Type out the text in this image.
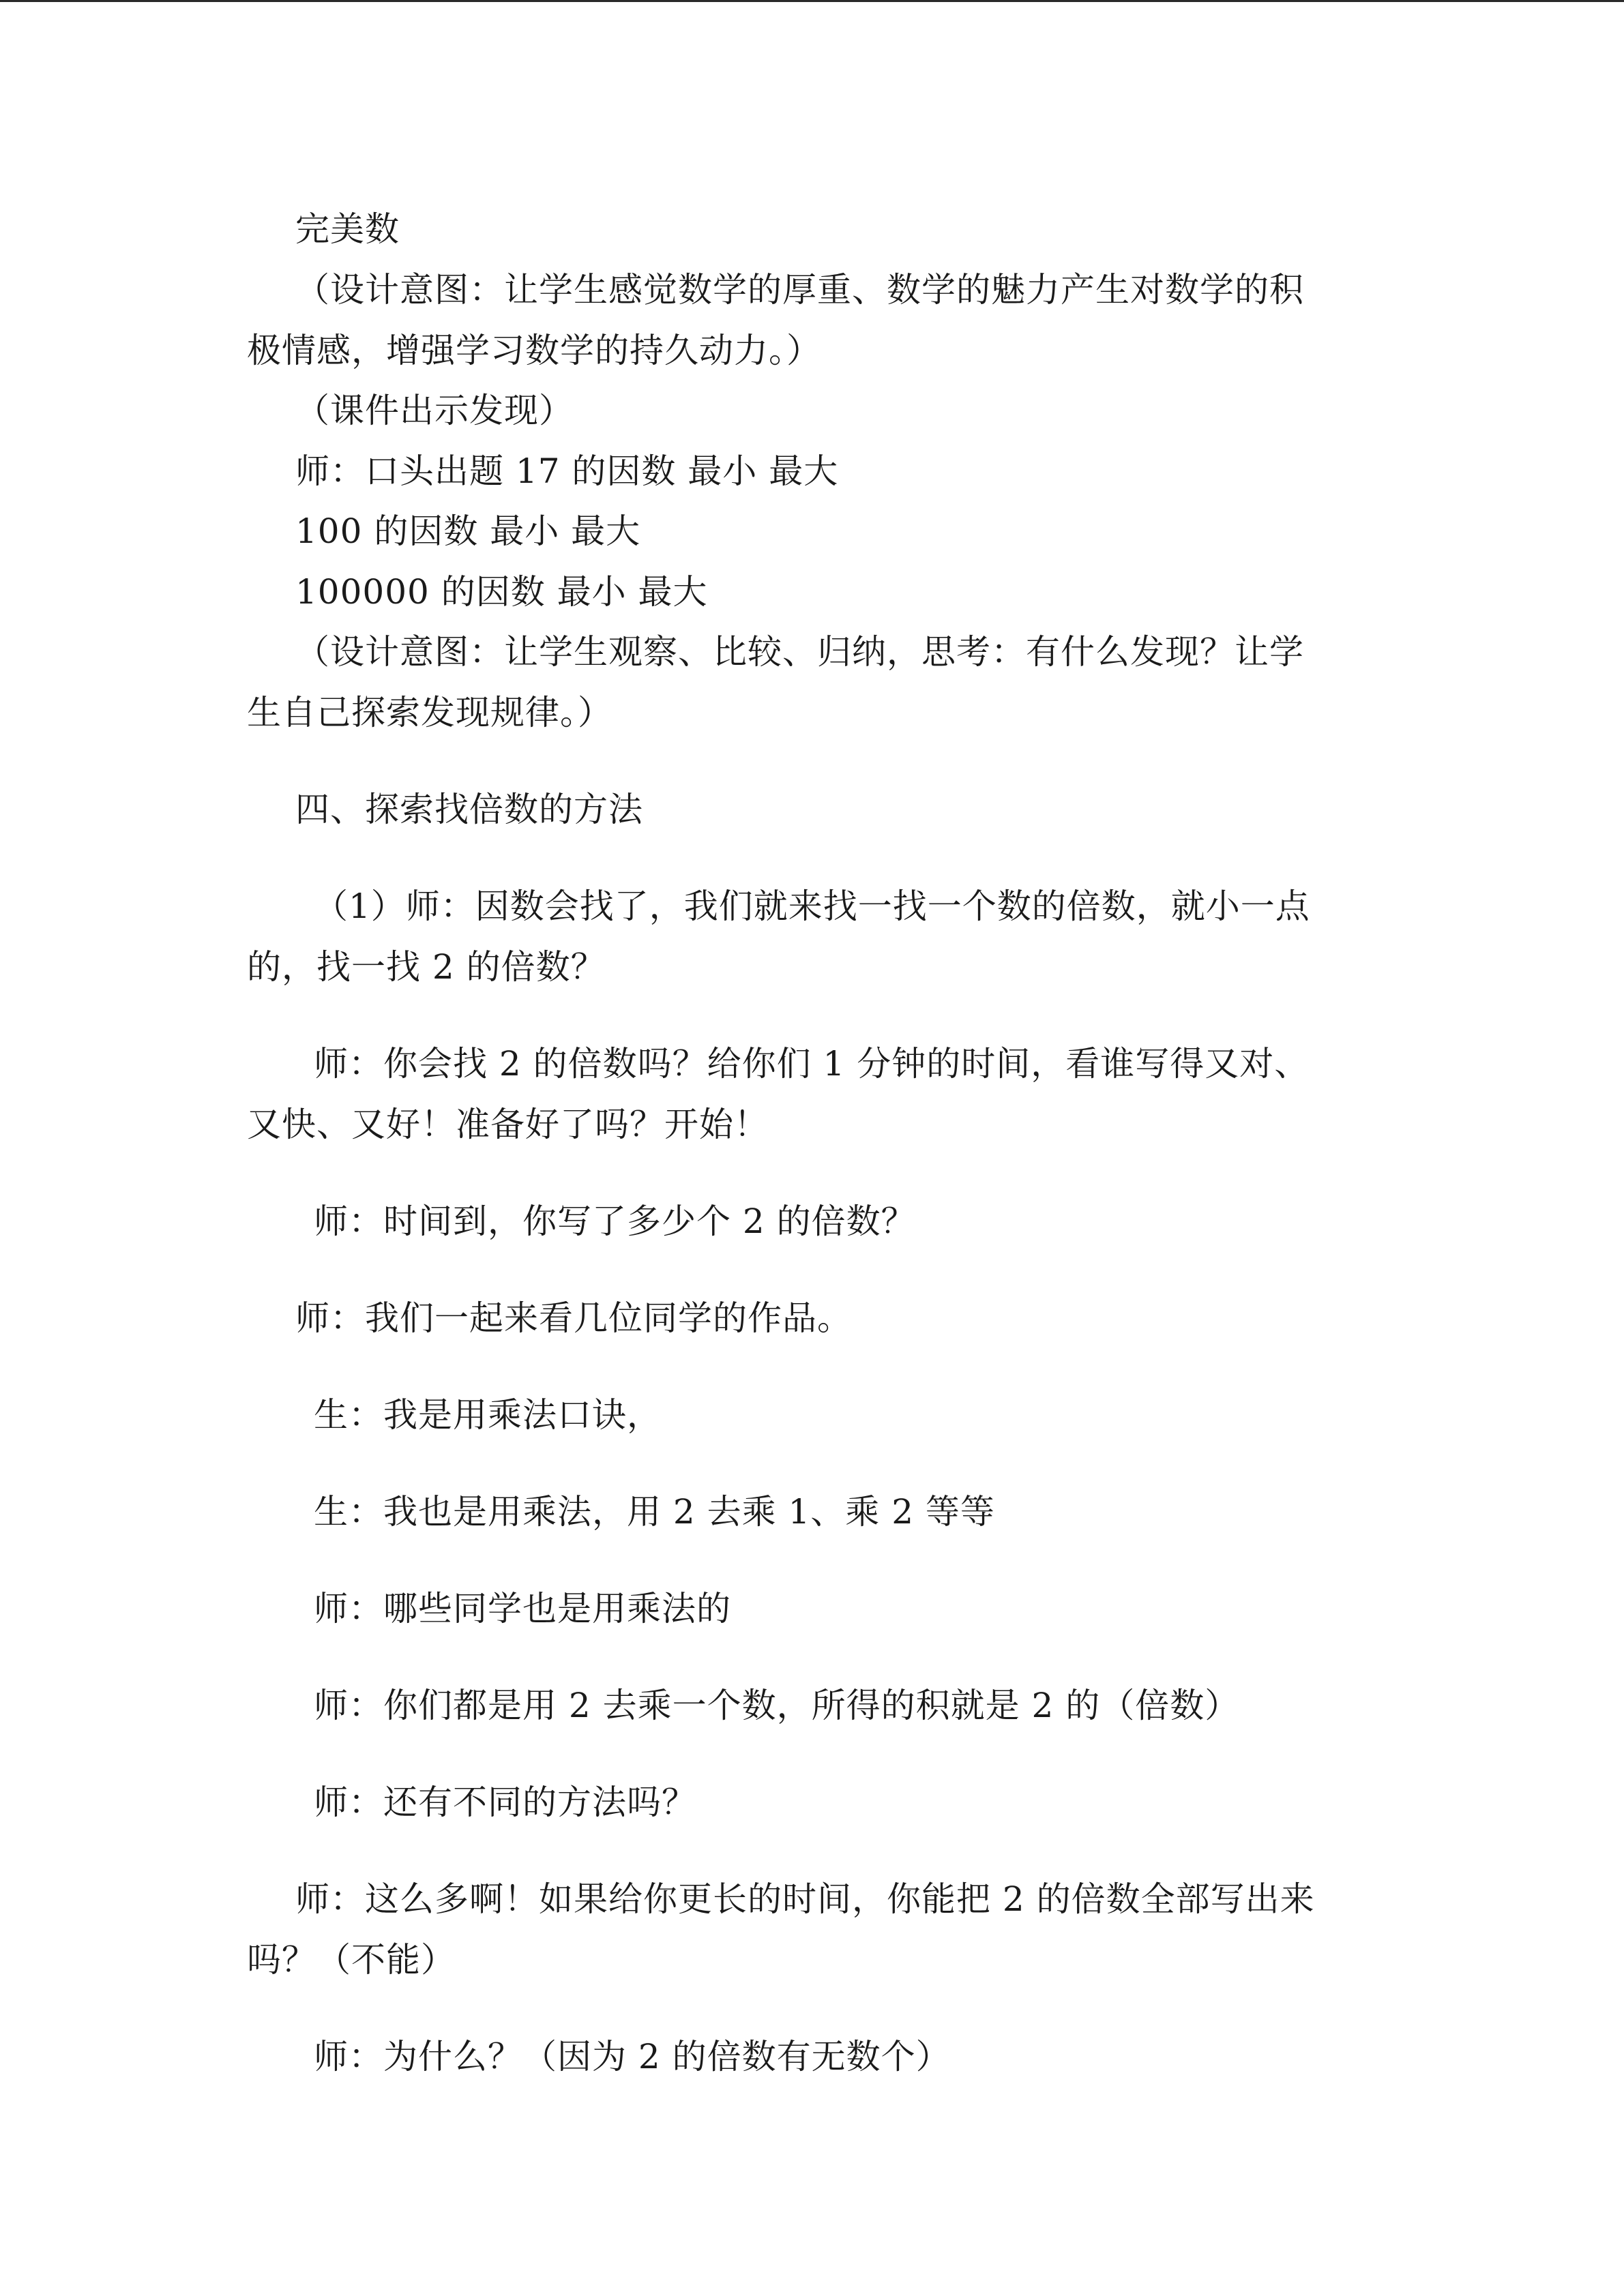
完美数
（设计意图：让学生感觉数学的厚重、数学的魅力产生对数学的积
极情感，增强学习数学的持久动力。）
（课件出示发现）
师：口头出题 17 的因数 最小 最大
100 的因数 最小 最大
100000 的因数 最小 最大
（设计意图：让学生观察、比较、归纳，思考：有什么发现？让学
生自己探索发现规律。）
四、探索找倍数的方法
（1）师：因数会找了，我们就来找一找一个数的倍数，就小一点
的，找一找 2 的倍数？
师：你会找 2 的倍数吗？给你们 1 分钟的时间，看谁写得又对、
又快、又好！准备好了吗？开始！
师：时间到，你写了多少个 2 的倍数？
师：我们一起来看几位同学的作品。
生：我是用乘法口诀，
生：我也是用乘法，用 2 去乘 1、乘 2 等等
师：哪些同学也是用乘法的
师：你们都是用 2 去乘一个数，所得的积就是 2 的（倍数）
师：还有不同的方法吗？
师：这么多啊！如果给你更长的时间，你能把 2 的倍数全部写出来
吗？（不能）
师：为什么？（因为 2 的倍数有无数个）
